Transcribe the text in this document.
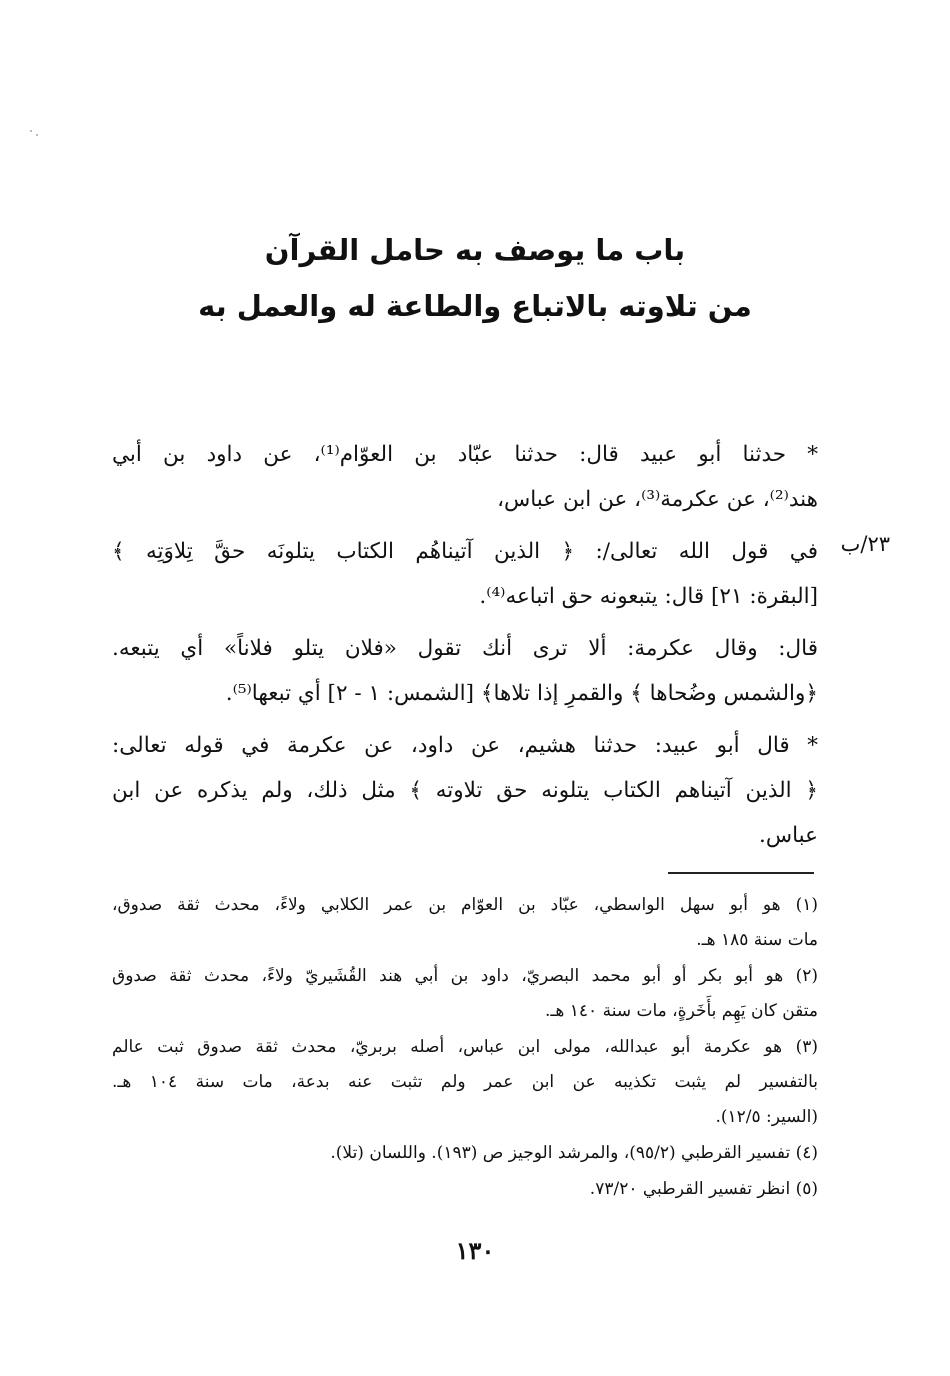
باب ما يوصف به حامل القرآن
من تلاوته بالاتباع والطاعة له والعمل به
٢٣/ب
* حدثنا أبو عبيد قال: حدثنا عبّاد بن العوّام⁽¹⁾، عن داود بن أبي
هند⁽²⁾، عن عكرمة⁽³⁾، عن ابن عباس،
في قول الله تعالى/: ﴿ الذين آتيناهُم الكتاب يتلونَه حقَّ تِلاوَتِه ﴾
[البقرة: ٢١] قال: يتبعونه حق اتباعه⁽⁴⁾.
قال: وقال عكرمة: ألا ترى أنك تقول «فلان يتلو فلاناً» أي يتبعه.
﴿والشمس وضُحاها ﴾ والقمرِ إذا تلاها﴾ [الشمس: ١ - ٢] أي تبعها⁽⁵⁾.
* قال أبو عبيد: حدثنا هشيم، عن داود، عن عكرمة في قوله تعالى:
﴿ الذين آتيناهم الكتاب يتلونه حق تلاوته ﴾ مثل ذلك، ولم يذكره عن ابن
عباس.
(١) هو أبو سهل الواسطي، عبّاد بن العوّام بن عمر الكلابي ولاءً، محدث ثقة صدوق،
مات سنة ١٨٥ هـ.
(٢) هو أبو بكر أو أبو محمد البصريّ، داود بن أبي هند القُشَيريّ ولاءً، محدث ثقة صدوق
متقن كان يَهِم بأَخَرةٍ، مات سنة ١٤٠ هـ.
(٣) هو عكرمة أبو عبدالله، مولى ابن عباس، أصله بربريّ، محدث ثقة صدوق ثبت عالم
بالتفسير لم يثبت تكذيبه عن ابن عمر ولم تثبت عنه بدعة، مات سنة ١٠٤ هـ.
(السير: ١٢/٥).
(٤) تفسير القرطبي (٩٥/٢)، والمرشد الوجيز ص (١٩٣). واللسان (تلا).
(٥) انظر تفسير القرطبي ٧٣/٢٠.
١٣٠
